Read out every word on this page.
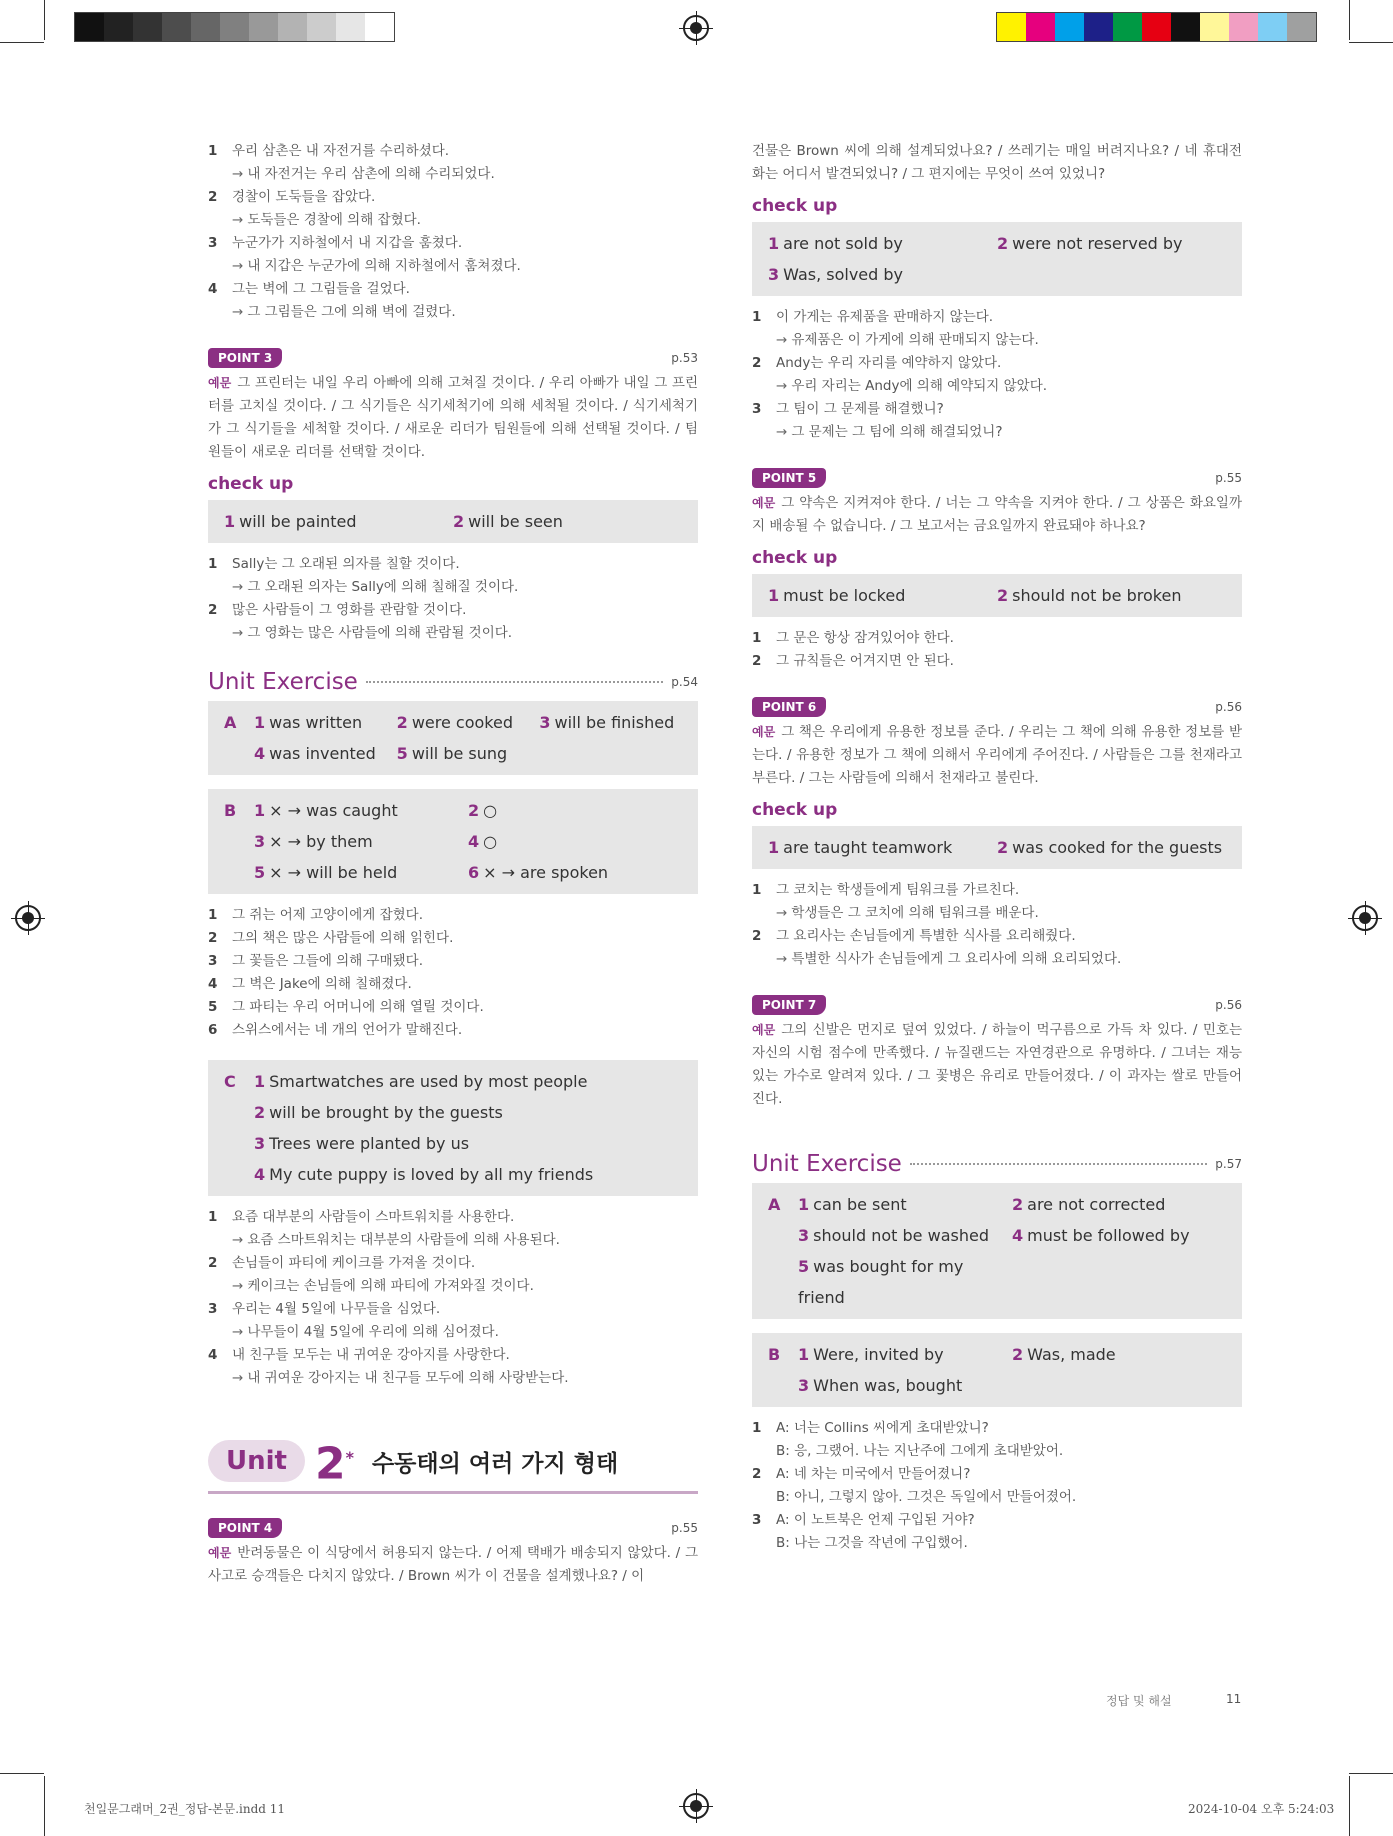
1	우리 삼촌은 내 자전거를 수리하셨다.
→ 내 자전거는 우리 삼촌에 의해 수리되었다.
2	경찰이 도둑들을 잡았다.
→ 도둑들은 경찰에 의해 잡혔다.
3	누군가가 지하철에서 내 지갑을 훔쳤다.
→ 내 지갑은 누군가에 의해 지하철에서 훔쳐졌다.
4	그는 벽에 그 그림들을 걸었다.
→ 그 그림들은 그에 의해 벽에 걸렸다.
POINT 3	p.53

예문 그 프린터는 내일 우리 아빠에 의해 고쳐질 것이다. / 우리 아빠가 내일 그 프린터를 고치실 것이다. / 그 식기들은 식기세척기에 의해 세척될 것이다. / 식기세척기가 그 식기들을 세척할 것이다. / 새로운 리더가 팀원들에 의해 선택될 것이다. / 팀원들이 새로운 리더를 선택할 것이다.

check up
1 will be painted	2 will be seen
1	Sally는 그 오래된 의자를 칠할 것이다.
→ 그 오래된 의자는 Sally에 의해 칠해질 것이다.
2	많은 사람들이 그 영화를 관람할 것이다.
→ 그 영화는 많은 사람들에 의해 관람될 것이다.
Unit Exercise	p.54
A	1 was written	2 were cooked	3 will be finished
4 was invented	5 will be sung
B	1 × → was caught	2 ○
3 × → by them	4 ○
5 × → will be held	6 × → are spoken
1	그 쥐는 어제 고양이에게 잡혔다.
2	그의 책은 많은 사람들에 의해 읽힌다.
3	그 꽃들은 그들에 의해 구매됐다.
4	그 벽은 Jake에 의해 칠해졌다.
5	그 파티는 우리 어머니에 의해 열릴 것이다.
6	스위스에서는 네 개의 언어가 말해진다.
C	1 Smartwatches are used by most people
2 will be brought by the guests
3 Trees were planted by us
4 My cute puppy is loved by all my friends
1	요즘 대부분의 사람들이 스마트워치를 사용한다.
→ 요즘 스마트워치는 대부분의 사람들에 의해 사용된다.
2	손님들이 파티에 케이크를 가져올 것이다.
→ 케이크는 손님들에 의해 파티에 가져와질 것이다.
3	우리는 4월 5일에 나무들을 심었다.
→ 나무들이 4월 5일에 우리에 의해 심어졌다.
4	내 친구들 모두는 내 귀여운 강아지를 사랑한다.
→ 내 귀여운 강아지는 내 친구들 모두에 의해 사랑받는다.
Unit 2* 수동태의 여러 가지 형태
POINT 4	p.55

예문 반려동물은 이 식당에서 허용되지 않는다. / 어제 택배가 배송되지 않았다. / 그 사고로 승객들은 다치지 않았다. / Brown 씨가 이 건물을 설계했나요? / 이

건물은 Brown 씨에 의해 설계되었나요? / 쓰레기는 매일 버려지나요? / 네 휴대전화는 어디서 발견되었니? / 그 편지에는 무엇이 쓰여 있었니?

check up
1 are not sold by	2 were not reserved by
3 Was, solved by
1	이 가게는 유제품을 판매하지 않는다.
→ 유제품은 이 가게에 의해 판매되지 않는다.
2	Andy는 우리 자리를 예약하지 않았다.
→ 우리 자리는 Andy에 의해 예약되지 않았다.
3	그 팀이 그 문제를 해결했니?
→ 그 문제는 그 팀에 의해 해결되었니?
POINT 5	p.55

예문 그 약속은 지켜져야 한다. / 너는 그 약속을 지켜야 한다. / 그 상품은 화요일까지 배송될 수 없습니다. / 그 보고서는 금요일까지 완료돼야 하나요?

check up
1 must be locked	2 should not be broken
1	그 문은 항상 잠겨있어야 한다.
2	그 규칙들은 어겨지면 안 된다.
POINT 6	p.56

예문 그 책은 우리에게 유용한 정보를 준다. / 우리는 그 책에 의해 유용한 정보를 받는다. / 유용한 정보가 그 책에 의해서 우리에게 주어진다. / 사람들은 그를 천재라고 부른다. / 그는 사람들에 의해서 천재라고 불린다.

check up
1 are taught teamwork	2 was cooked for the guests
1	그 코치는 학생들에게 팀워크를 가르친다.
→ 학생들은 그 코치에 의해 팀워크를 배운다.
2	그 요리사는 손님들에게 특별한 식사를 요리해줬다.
→ 특별한 식사가 손님들에게 그 요리사에 의해 요리되었다.
POINT 7	p.56

예문 그의 신발은 먼지로 덮여 있었다. / 하늘이 먹구름으로 가득 차 있다. / 민호는 자신의 시험 점수에 만족했다. / 뉴질랜드는 자연경관으로 유명하다. / 그녀는 재능 있는 가수로 알려져 있다. / 그 꽃병은 유리로 만들어졌다. / 이 과자는 쌀로 만들어진다.

Unit Exercise	p.57
A	1 can be sent	2 are not corrected
3 should not be washed	4 must be followed by
5 was bought for my friend
B	1 Were, invited by	2 Was, made
3 When was, bought
1	A: 너는 Collins 씨에게 초대받았니?
B: 응, 그랬어. 나는 지난주에 그에게 초대받았어.
2	A: 네 차는 미국에서 만들어졌니?
B: 아니, 그렇지 않아. 그것은 독일에서 만들어졌어.
3	A: 이 노트북은 언제 구입된 거야?
B: 나는 그것을 작년에 구입했어.
정답 및 해설	11
천일문그래머_2권_정답-본문.indd 11	2024-10-04 오후 5:24:03
